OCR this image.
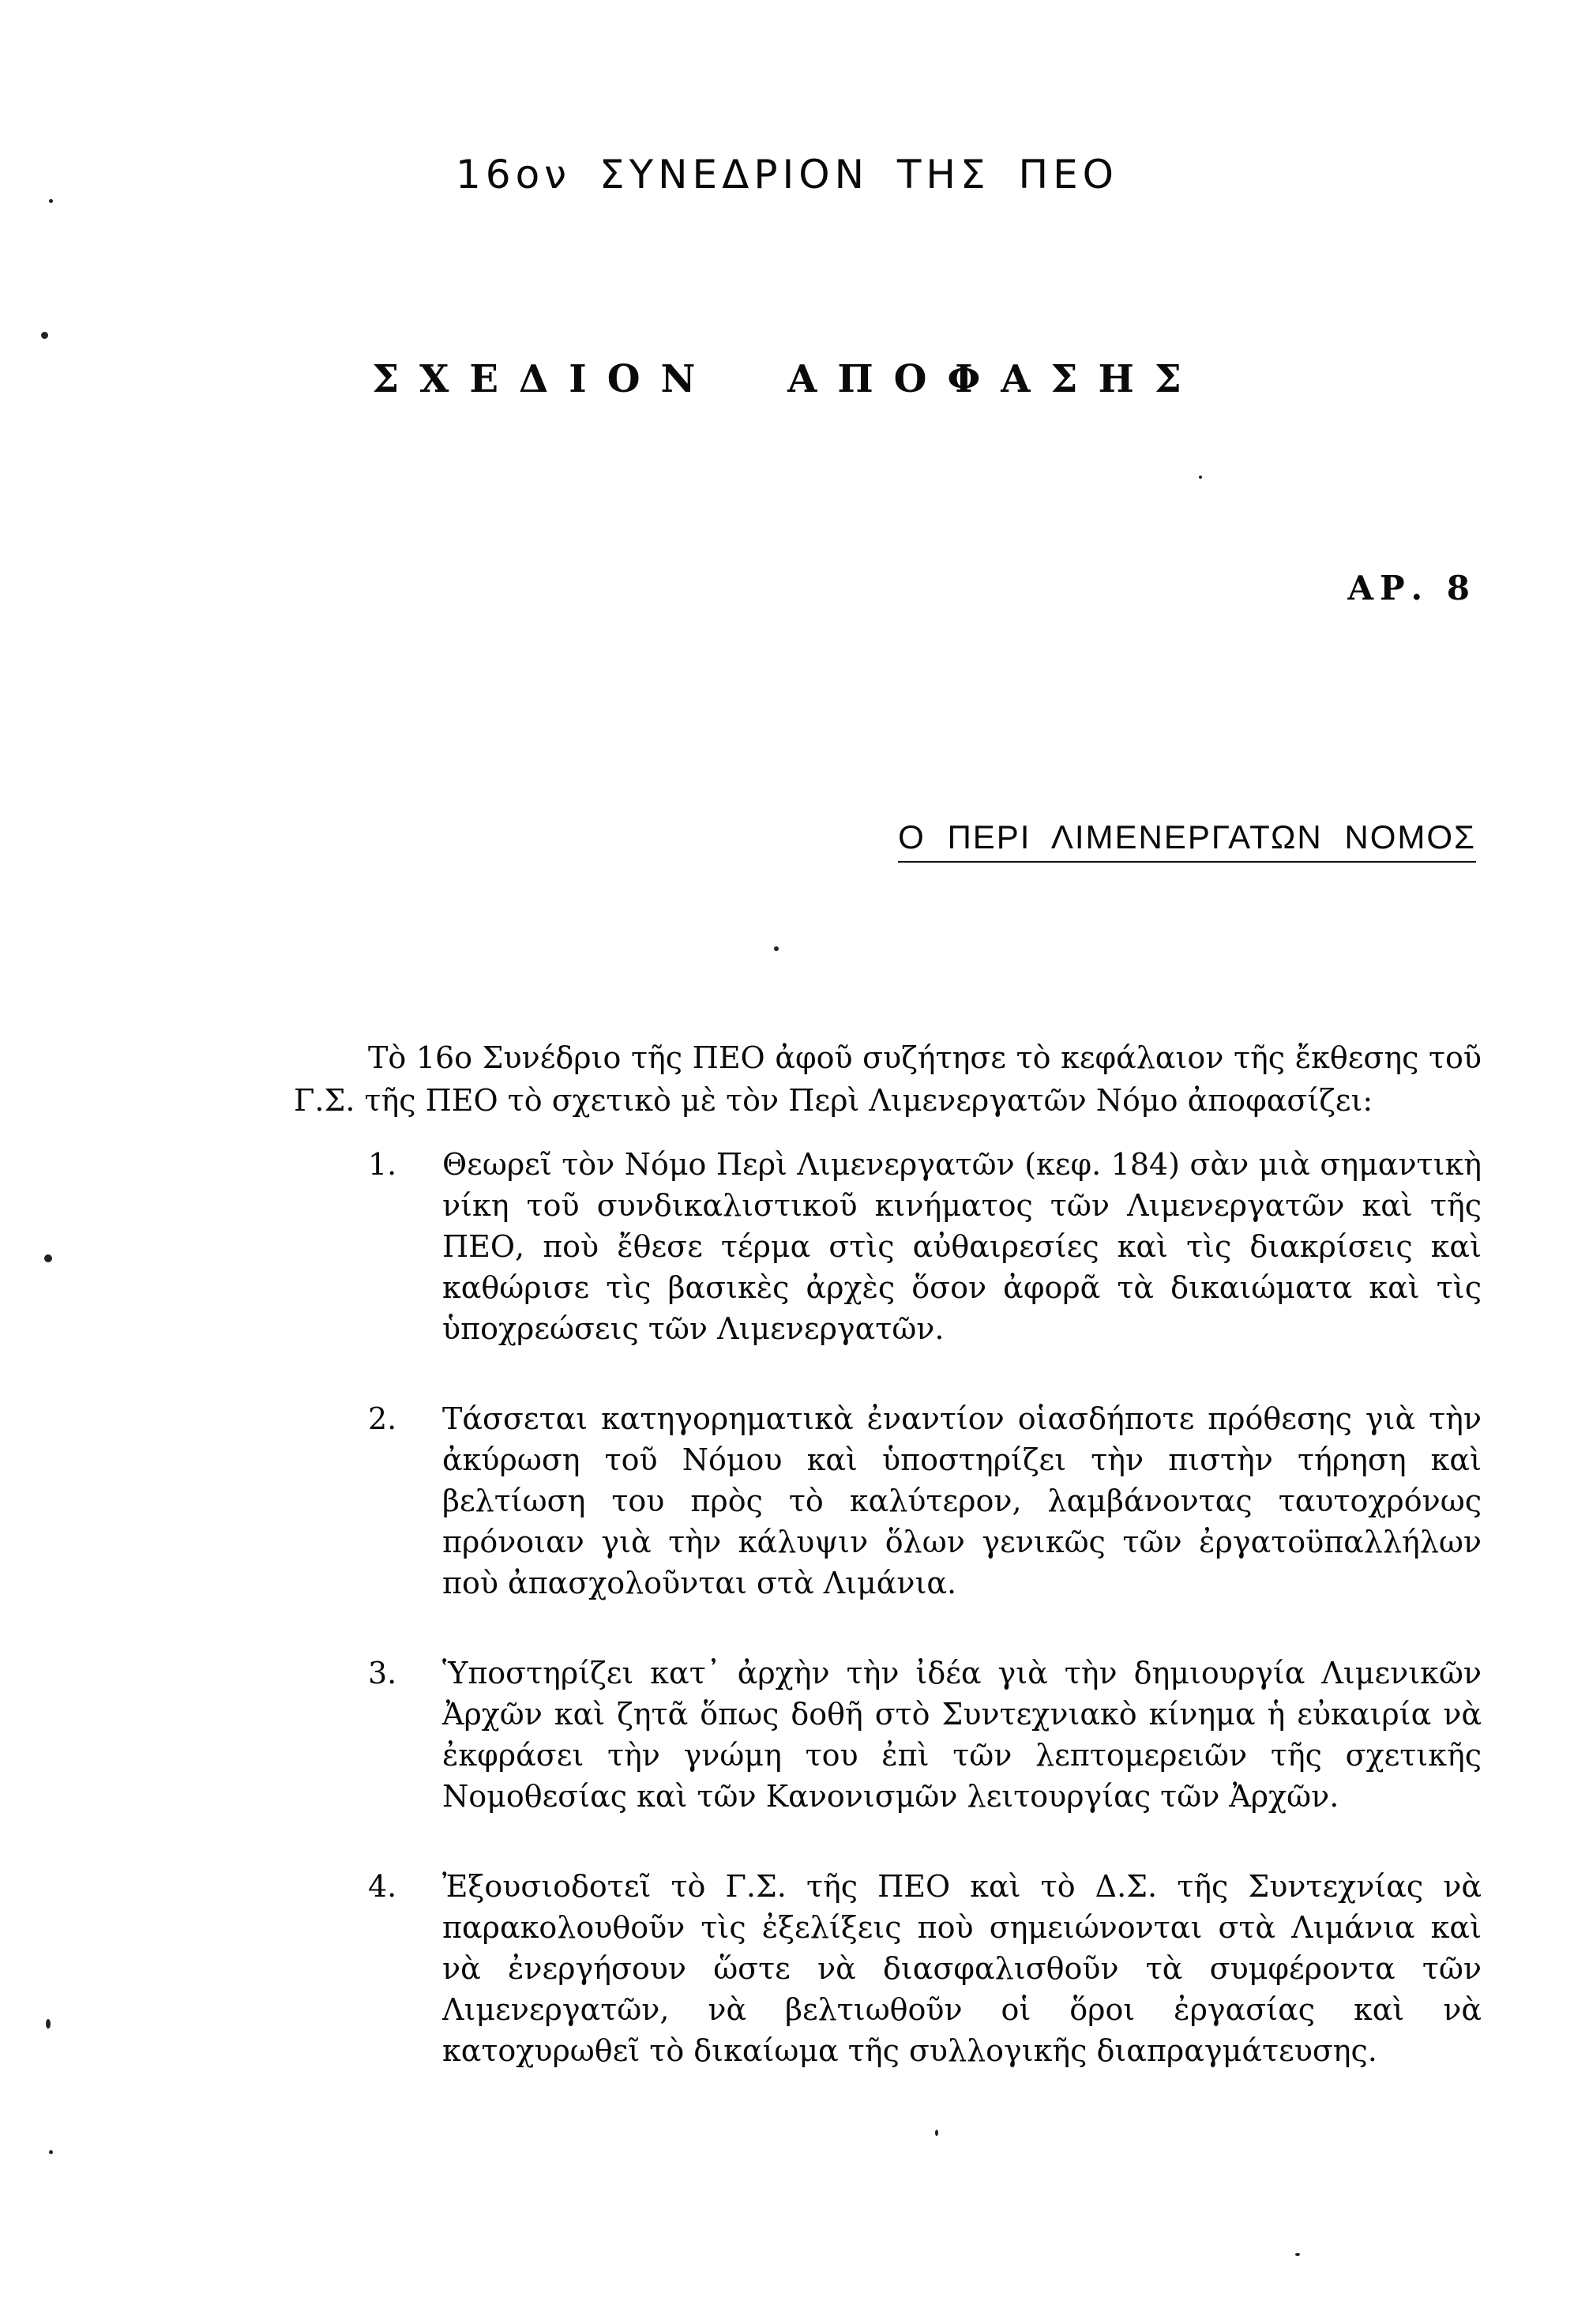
16ον ΣΥΝΕΔΡΙΟΝ ΤΗΣ ΠΕΟ
ΣΧΕΔΙΟΝ ΑΠΟΦΑΣΗΣ
ΑΡ. 8
Ο ΠΕΡΙ ΛΙΜΕΝΕΡΓΑΤΩΝ ΝΟΜΟΣ

Τὸ 16ο Συνέδριο τῆς ΠΕΟ ἀφοῦ συζήτησε τὸ κεφάλαιον τῆς ἔκθεσης τοῦ Γ.Σ. τῆς ΠΕΟ τὸ σχετικὸ μὲ τὸν Περὶ Λιμενεργατῶν Νόμο ἀποφασίζει:

1. Θεωρεῖ τὸν Νόμο Περὶ Λιμενεργατῶν (κεφ. 184) σὰν μιὰ σημαντικὴ νίκη τοῦ συνδικαλιστικοῦ κινήματος τῶν Λιμενεργατῶν καὶ τῆς ΠΕΟ, ποὺ ἔθεσε τέρμα στὶς αὐθαιρεσίες καὶ τὶς διακρίσεις καὶ καθώρισε τὶς βασικὲς ἀρχὲς ὅσον ἀφορᾶ τὰ δικαιώματα καὶ τὶς ὑποχρεώσεις τῶν Λιμενεργατῶν.
2. Τάσσεται κατηγορηματικὰ ἐναντίον οἱασδήποτε πρόθεσης γιὰ τὴν ἀκύρωση τοῦ Νόμου καὶ ὑποστηρίζει τὴν πιστὴν τήρηση καὶ βελτίωση του πρὸς τὸ καλύτερον, λαμβάνοντας ταυτοχρόνως πρόνοιαν γιὰ τὴν κάλυψιν ὅλων γενικῶς τῶν ἐργατοϋπαλλήλων ποὺ ἀπασχολοῦνται στὰ Λιμάνια.
3. Ὑποστηρίζει κατ᾽ ἀρχὴν τὴν ἰδέα γιὰ τὴν δημιουργία Λιμενικῶν Ἀρχῶν καὶ ζητᾶ ὅπως δοθῆ στὸ Συντεχνιακὸ κίνημα ἡ εὐκαιρία νὰ ἐκφράσει τὴν γνώμη του ἐπὶ τῶν λεπτομερειῶν τῆς σχετικῆς Νομοθεσίας καὶ τῶν Κανονισμῶν λειτουργίας τῶν Ἀρχῶν.
4. Ἐξουσιοδοτεῖ τὸ Γ.Σ. τῆς ΠΕΟ καὶ τὸ Δ.Σ. τῆς Συντεχνίας νὰ παρακολουθοῦν τὶς ἐξελίξεις ποὺ σημειώνονται στὰ Λιμάνια καὶ νὰ ἐνεργήσουν ὥστε νὰ διασφαλισθοῦν τὰ συμφέροντα τῶν Λιμενεργατῶν, νὰ βελτιωθοῦν οἱ ὅροι ἐργασίας καὶ νὰ κατοχυρωθεῖ τὸ δικαίωμα τῆς συλλογικῆς διαπραγμάτευσης.
